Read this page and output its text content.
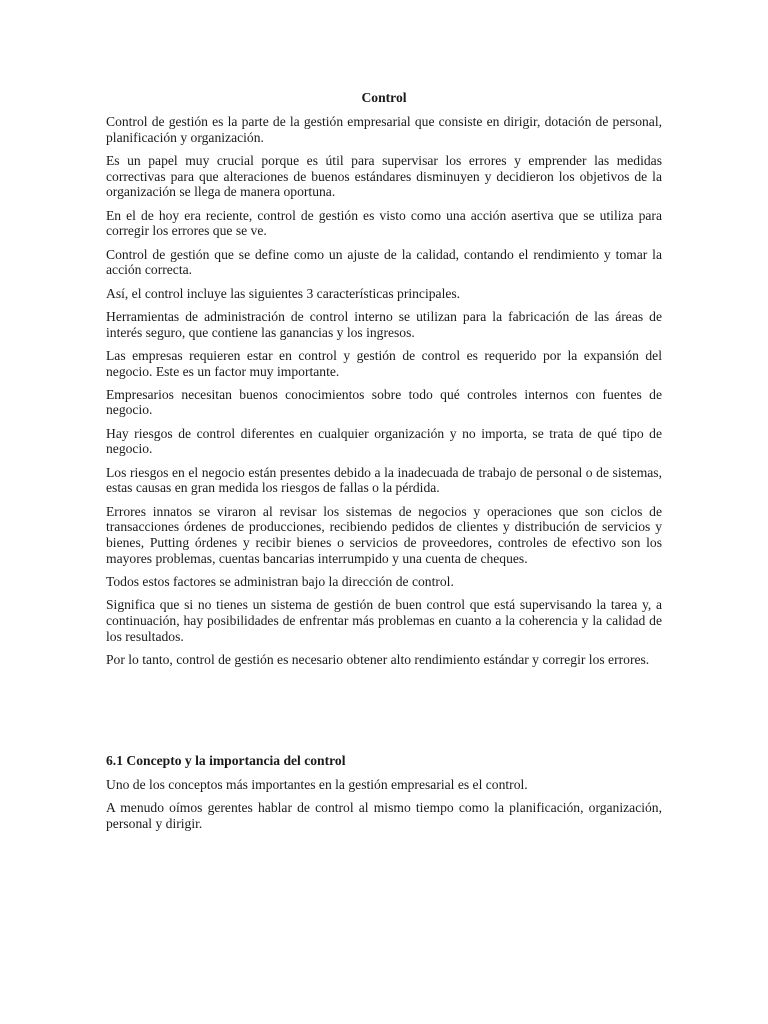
Control

Control de gestión es la parte de la gestión empresarial que consiste en dirigir, dotación de personal, planificación y organización.

Es un papel muy crucial porque es útil para supervisar los errores y emprender las medidas correctivas para que alteraciones de buenos estándares disminuyen y decidieron los objetivos de la organización se llega de manera oportuna.

En el de hoy era reciente, control de gestión es visto como una acción asertiva que se utiliza para corregir los errores que se ve.

Control de gestión que se define como un ajuste de la calidad, contando el rendimiento y tomar la acción correcta.

Así, el control incluye las siguientes 3 características principales.

Herramientas de administración de control interno se utilizan para la fabricación de las áreas de interés seguro, que contiene las ganancias y los ingresos.

Las empresas requieren estar en control y gestión de control es requerido por la expansión del negocio. Este es un factor muy importante.

Empresarios necesitan buenos conocimientos sobre todo qué controles internos con fuentes de negocio.

Hay riesgos de control diferentes en cualquier organización y no importa, se trata de qué tipo de negocio.

Los riesgos en el negocio están presentes debido a la inadecuada de trabajo de personal o de sistemas, estas causas en gran medida los riesgos de fallas o la pérdida.

Errores innatos se viraron al revisar los sistemas de negocios y operaciones que son ciclos de transacciones órdenes de producciones, recibiendo pedidos de clientes y distribución de servicios y bienes, Putting órdenes y recibir bienes o servicios de proveedores, controles de efectivo son los mayores problemas, cuentas bancarias interrumpido y una cuenta de cheques.

Todos estos factores se administran bajo la dirección de control.

Significa que si no tienes un sistema de gestión de buen control que está supervisando la tarea y, a continuación, hay posibilidades de enfrentar más problemas en cuanto a la coherencia y la calidad de los resultados.

Por lo tanto, control de gestión es necesario obtener alto rendimiento estándar y corregir los errores.

6.1 Concepto y la importancia del control

Uno de los conceptos más importantes en la gestión empresarial es el control.

A menudo oímos gerentes hablar de control al mismo tiempo como la planificación, organización, personal y dirigir.
